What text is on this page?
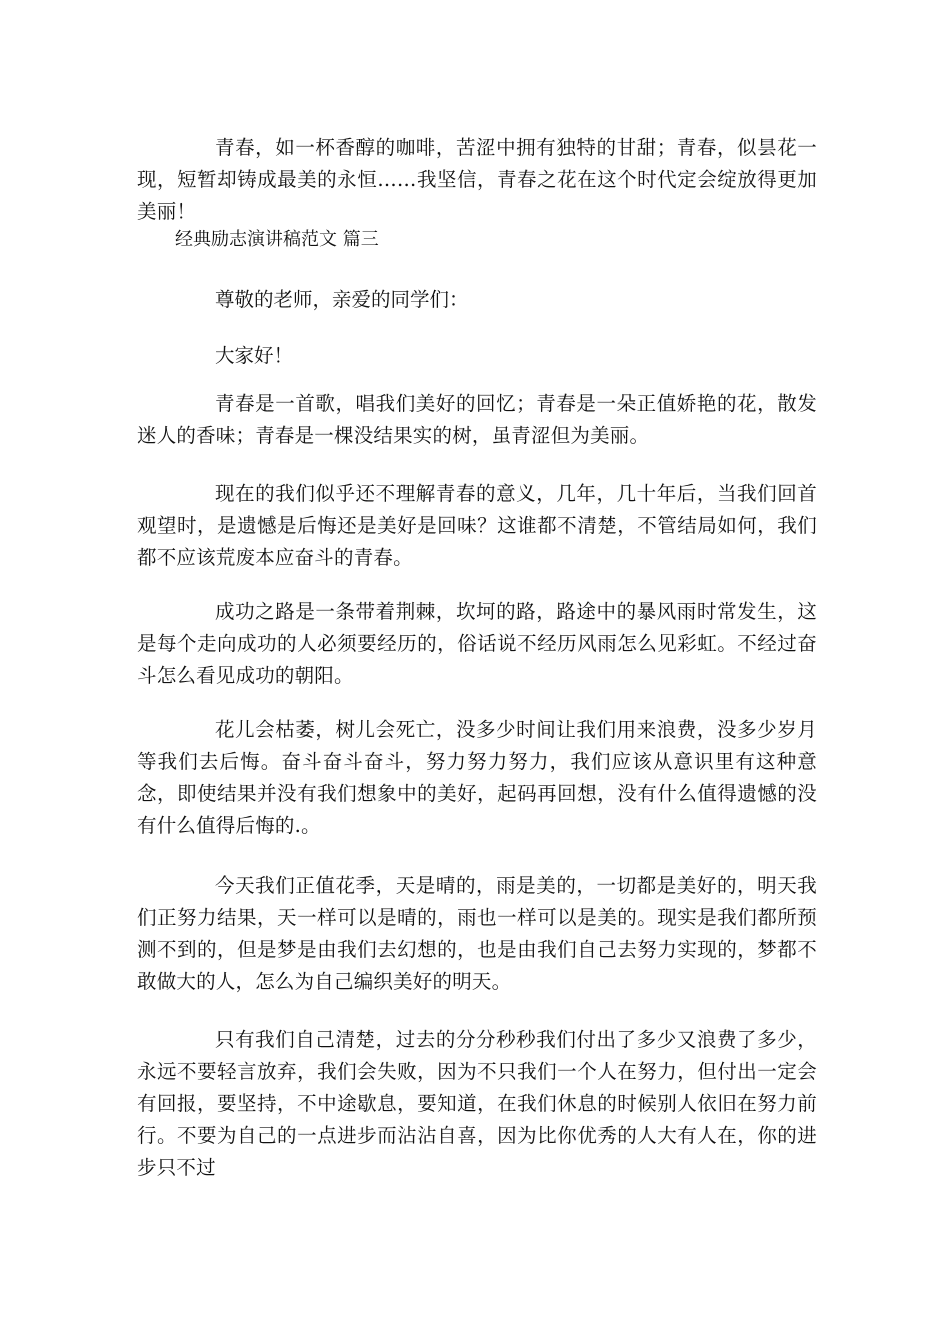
青春，如一杯香醇的咖啡，苦涩中拥有独特的甘甜；青春，似昙花一现，短暂却铸成最美的永恒……我坚信，青春之花在这个时代定会绽放得更加美丽！

经典励志演讲稿范文 篇三

尊敬的老师，亲爱的同学们：

大家好！

青春是一首歌，唱我们美好的回忆；青春是一朵正值娇艳的花，散发迷人的香味；青春是一棵没结果实的树，虽青涩但为美丽。

现在的我们似乎还不理解青春的意义，几年，几十年后，当我们回首观望时，是遗憾是后悔还是美好是回味？这谁都不清楚，不管结局如何，我们都不应该荒废本应奋斗的青春。

成功之路是一条带着荆棘，坎坷的路，路途中的暴风雨时常发生，这是每个走向成功的人必须要经历的，俗话说不经历风雨怎么见彩虹。不经过奋斗怎么看见成功的朝阳。

花儿会枯萎，树儿会死亡，没多少时间让我们用来浪费，没多少岁月等我们去后悔。奋斗奋斗奋斗，努力努力努力，我们应该从意识里有这种意念，即使结果并没有我们想象中的美好，起码再回想，没有什么值得遗憾的没有什么值得后悔的.。

今天我们正值花季，天是晴的，雨是美的，一切都是美好的，明天我们正努力结果，天一样可以是晴的，雨也一样可以是美的。现实是我们都所预测不到的，但是梦是由我们去幻想的，也是由我们自己去努力实现的，梦都不敢做大的人，怎么为自己编织美好的明天。

只有我们自己清楚，过去的分分秒秒我们付出了多少又浪费了多少，永远不要轻言放弃，我们会失败，因为不只我们一个人在努力，但付出一定会有回报，要坚持，不中途歇息，要知道，在我们休息的时候别人依旧在努力前行。不要为自己的一点进步而沾沾自喜，因为比你优秀的人大有人在，你的进步只不过
